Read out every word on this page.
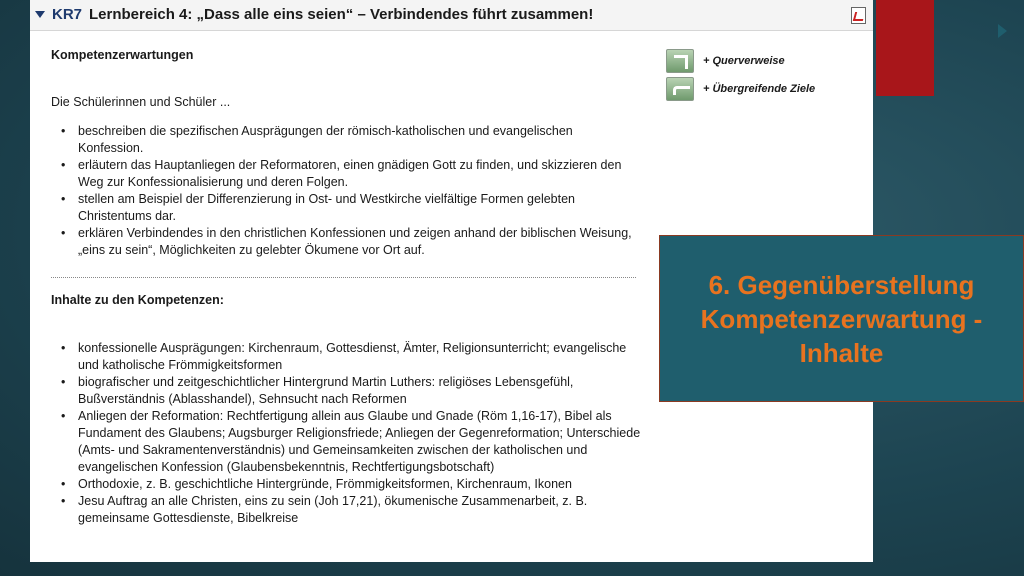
KR7 Lernbereich 4: „Dass alle eins seien“ – Verbindendes führt zusammen!
Kompetenzerwartungen
Die Schülerinnen und Schüler ...
• beschreiben die spezifischen Ausprägungen der römisch-katholischen und evangelischen Konfession.
• erläutern das Hauptanliegen der Reformatoren, einen gnädigen Gott zu finden, und skizzieren den Weg zur Konfessionalisierung und deren Folgen.
• stellen am Beispiel der Differenzierung in Ost- und Westkirche vielfältige Formen gelebten Christentums dar.
• erklären Verbindendes in den christlichen Konfessionen und zeigen anhand der biblischen Weisung, „eins zu sein“, Möglichkeiten zu gelebter Ökumene vor Ort auf.
Inhalte zu den Kompetenzen:
• konfessionelle Ausprägungen: Kirchenraum, Gottesdienst, Ämter, Religionsunterricht; evangelische und katholische Frömmigkeitsformen
• biografischer und zeitgeschichtlicher Hintergrund Martin Luthers: religiöses Lebensgefühl, Bußverständnis (Ablasshandel), Sehnsucht nach Reformen
• Anliegen der Reformation: Rechtfertigung allein aus Glaube und Gnade (Röm 1,16-17), Bibel als Fundament des Glaubens; Augsburger Religionsfriede; Anliegen der Gegenreformation; Unterschiede (Amts- und Sakramentenverständnis) und Gemeinsamkeiten zwischen der katholischen und evangelischen Konfession (Glaubensbekenntnis, Rechtfertigungsbotschaft)
• Orthodoxie, z. B. geschichtliche Hintergründe, Frömmigkeitsformen, Kirchenraum, Ikonen
• Jesu Auftrag an alle Christen, eins zu sein (Joh 17,21), ökumenische Zusammenarbeit, z. B. gemeinsame Gottesdienste, Bibelkreise
+ Querverweise
+ Übergreifende Ziele
6. Gegenüberstellung
Kompetenzerwartung -
Inhalte
